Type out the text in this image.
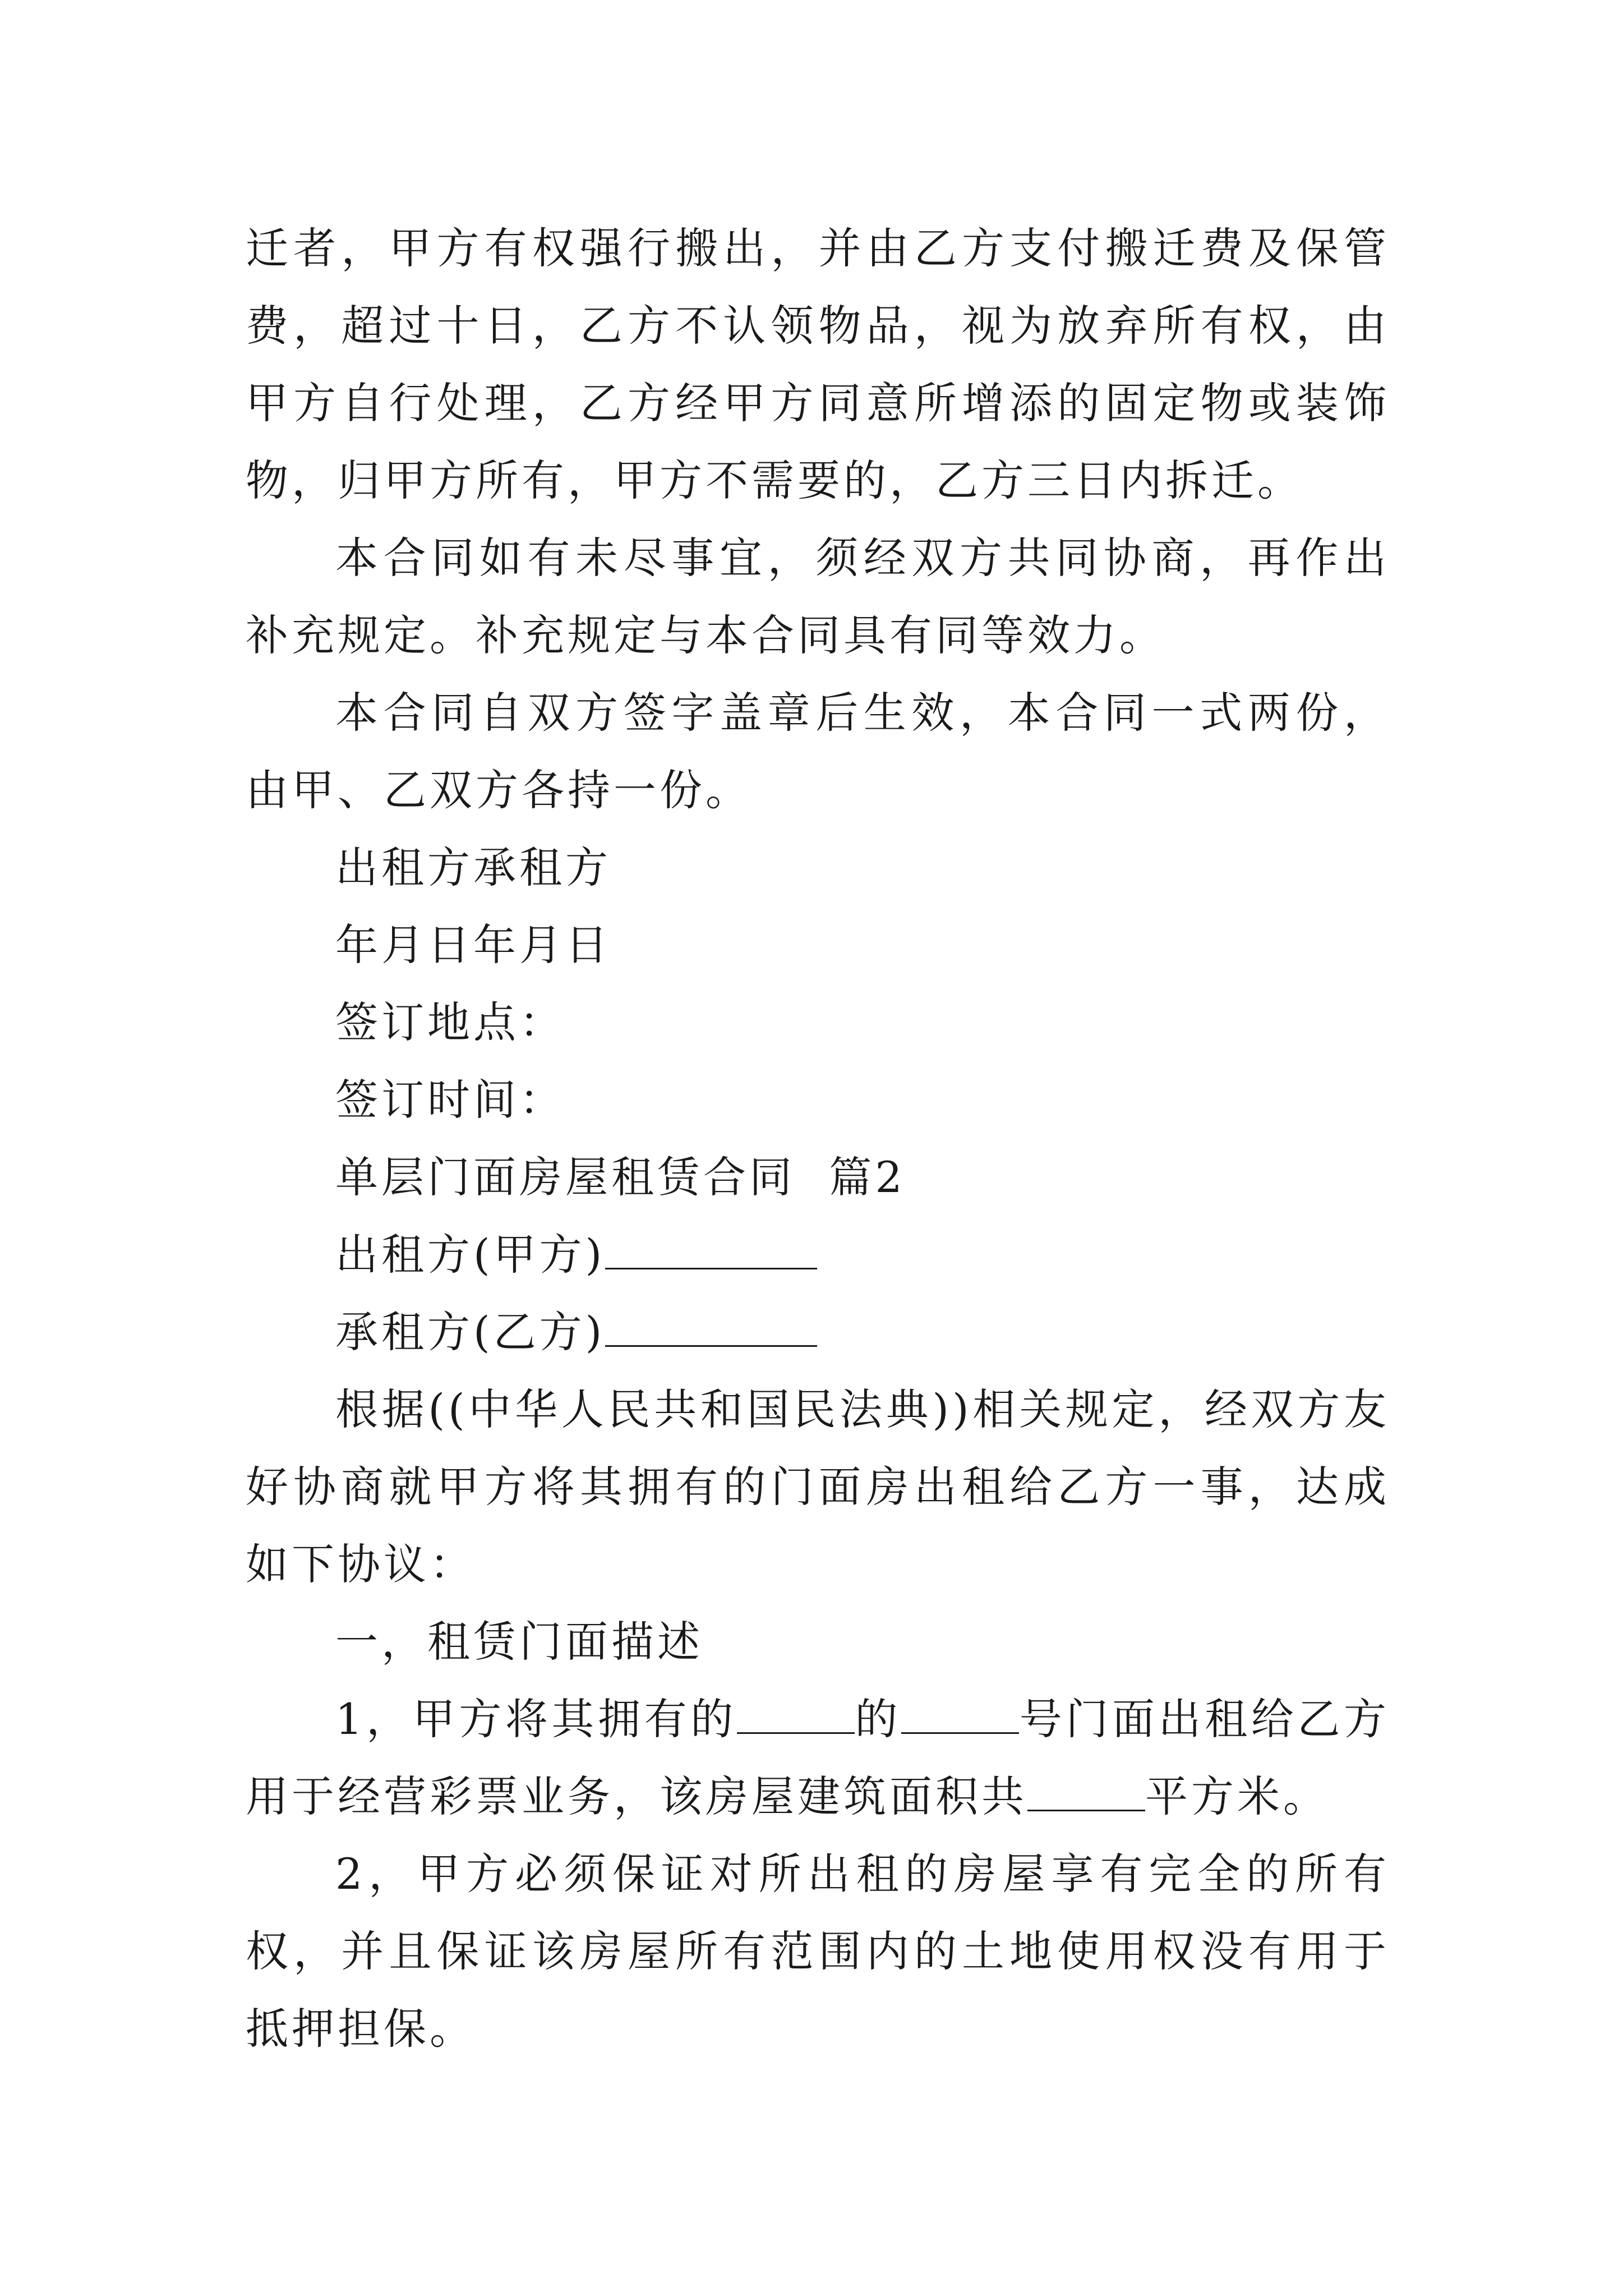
迁者，甲方有权强行搬出，并由乙方支付搬迁费及保管费，超过十日，乙方不认领物品，视为放弃所有权，由甲方自行处理，乙方经甲方同意所增添的固定物或装饰物，归甲方所有，甲方不需要的，乙方三日内拆迁。

本合同如有未尽事宜，须经双方共同协商，再作出补充规定。补充规定与本合同具有同等效力。

本合同自双方签字盖章后生效，本合同一式两份，由甲、乙双方各持一份。

出租方承租方

年月日年月日

签订地点：

签订时间：

单层门面房屋租赁合同  篇2

出租方(甲方)

承租方(乙方)

根据((中华人民共和国民法典))相关规定，经双方友好协商就甲方将其拥有的门面房出租给乙方一事，达成如下协议：

一，租赁门面描述

1，甲方将其拥有的	的	号门面出租给乙方用于经营彩票业务，该房屋建筑面积共	平方米。

2，甲方必须保证对所出租的房屋享有完全的所有权，并且保证该房屋所有范围内的土地使用权没有用于抵押担保。
